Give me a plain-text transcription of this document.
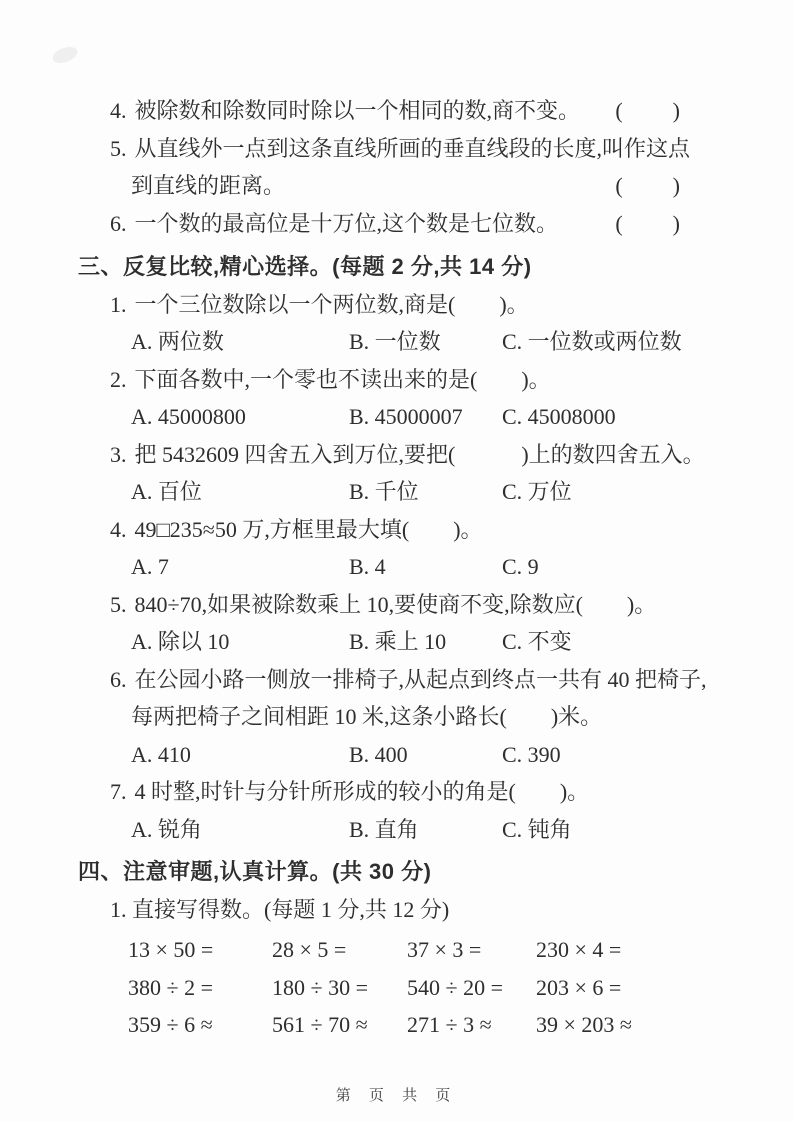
4. 被除数和除数同时除以一个相同的数,商不变。 (　　)
5. 从直线外一点到这条直线所画的垂直线段的长度,叫作这点
到直线的距离。	(　　)
6. 一个数的最高位是十万位,这个数是七位数。	(　　)
三、反复比较,精心选择。(每题 2 分,共 14 分)
1. 一个三位数除以一个两位数,商是(　　)。
A. 两位数	B. 一位数	C. 一位数或两位数
2. 下面各数中,一个零也不读出来的是(　　)。
A. 45000800	B. 45000007	C. 45008000
3. 把 5432609 四舍五入到万位,要把(　　　)上的数四舍五入。
A. 百位	B. 千位	C. 万位
4. 49□235≈50 万,方框里最大填(　　)。
A. 7	B. 4	C. 9
5. 840÷70,如果被除数乘上 10,要使商不变,除数应(　　)。
A. 除以 10	B. 乘上 10	C. 不变
6. 在公园小路一侧放一排椅子,从起点到终点一共有 40 把椅子,
每两把椅子之间相距 10 米,这条小路长(　　)米。
A. 410	B. 400	C. 390
7. 4 时整,时针与分针所形成的较小的角是(　　)。
A. 锐角	B. 直角	C. 钝角
四、注意审题,认真计算。(共 30 分)
1. 直接写得数。(每题 1 分,共 12 分)
13 × 50 =	28 × 5 =	37 × 3 =	230 × 4 =
380 ÷ 2 =	180 ÷ 30 =	540 ÷ 20 =	203 × 6 =
359 ÷ 6 ≈	561 ÷ 70 ≈	271 ÷ 3 ≈	39 × 203 ≈
第 页 共 页
